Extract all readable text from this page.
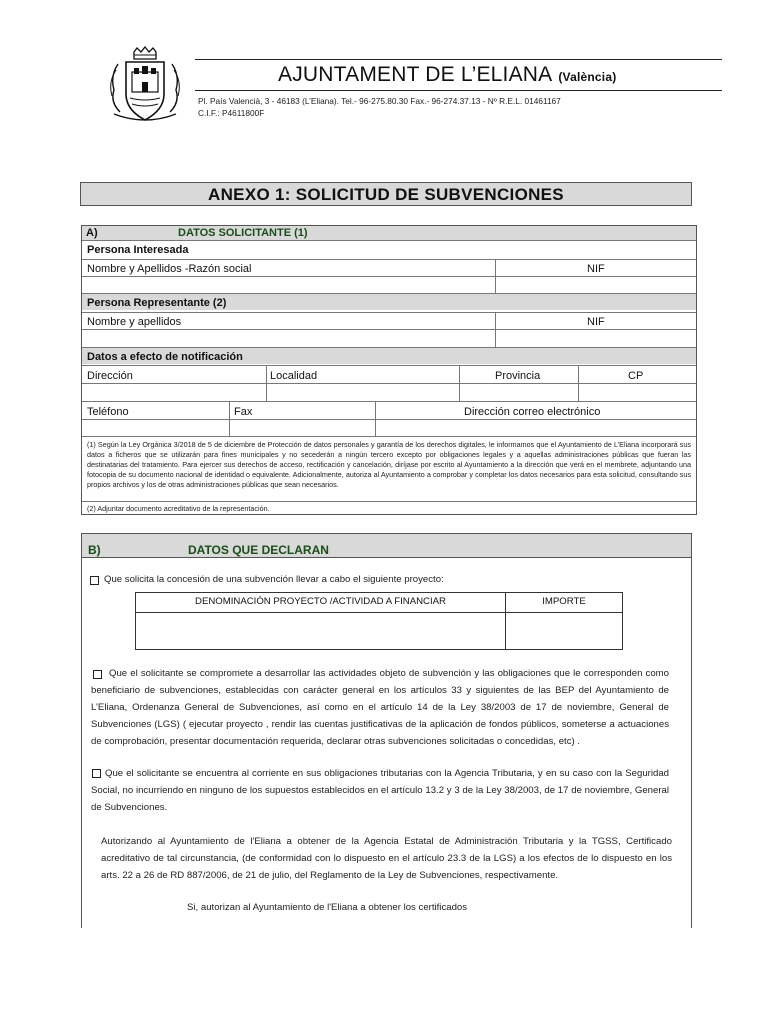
AJUNTAMENT DE L’ELIANA (València)
Pl. País Valencià, 3 - 46183 (L’Eliana). Tel.- 96-275.80.30 Fax.- 96-274.37.13 - Nº R.E.L. 01461167
C.I.F.: P4611800F
ANEXO 1: SOLICITUD DE SUBVENCIONES
A)	DATOS SOLICITANTE (1)
Persona Interesada
Nombre y Apellidos -Razón social	NIF
Persona Representante (2)
Nombre y apellidos	NIF
Datos a efecto de notificación
Dirección	Localidad	Provincia	CP
Teléfono	Fax	Dirección correo electrónico
(1) Según la Ley Orgánica 3/2018 de 5 de diciembre de Protección de datos personales y garantía de los derechos digitales, le informamos que el Ayuntamiento de L’Eliana incorporará sus datos a ficheros que se utilizarán para fines municipales y no secederán a ningún tercero excepto por obligaciones legales y a aquellas administraciones públicas que fueran las destinatarias del tratamiento. Para ejercer sus derechos de acceso, rectificación y cancelación, diríjase por escrito al Ayuntamiento a la dirección que verá en el membrete, adjuntando una fotocopia de su documento nacional de identidad o equivalente. Adicionalmente, autoriza al Ayuntamiento a comprobar y completar los datos necesarios para esta solicitud, consultando sus propios archivos y los de otras administraciones públicas que sean necesarios.
(2) Adjuntar documento acreditativo de la representación.
B)	DATOS QUE DECLARAN
Que solicita la concesión de una subvención llevar a cabo el siguiente proyecto:
DENOMINACIÓN PROYECTO /ACTIVIDAD A FINANCIAR	IMPORTE
Que el solicitante se compromete a desarrollar las actividades objeto de subvención y las obligaciones que le corresponden como beneficiario de subvenciones, establecidas con carácter general en los artículos 33 y siguientes de las BEP del Ayuntamiento de L’Eliana, Ordenanza General de Subvenciones, así como en el artículo 14 de la Ley 38/2003 de 17 de noviembre, General de Subvenciones (LGS) ( ejecutar proyecto , rendir las cuentas justificativas de la aplicación de fondos públicos, someterse a actuaciones de comprobación, presentar documentación requerida, declarar otras subvenciones solicitadas o concedidas, etc) .
Que el solicitante se encuentra al corriente en sus obligaciones tributarias con la Agencia Tributaria, y en su caso con la Seguridad Social, no incurriendo en ninguno de los supuestos establecidos en el artículo 13.2 y 3 de la Ley 38/2003, de 17 de noviembre, General de Subvenciones.
Autorizando al Ayuntamiento de l'Eliana a obtener de la Agencia Estatal de Administración Tributaria y la TGSS, Certificado acreditativo de tal circunstancia, (de conformidad con lo dispuesto en el artículo 23.3 de la LGS) a los efectos de lo dispuesto en los arts. 22 a 26 de RD 887/2006, de 21 de julio, del Reglamento de la Ley de Subvenciones, respectivamente.
Si, autorizan al Ayuntamiento de l'Eliana a obtener los certificados
